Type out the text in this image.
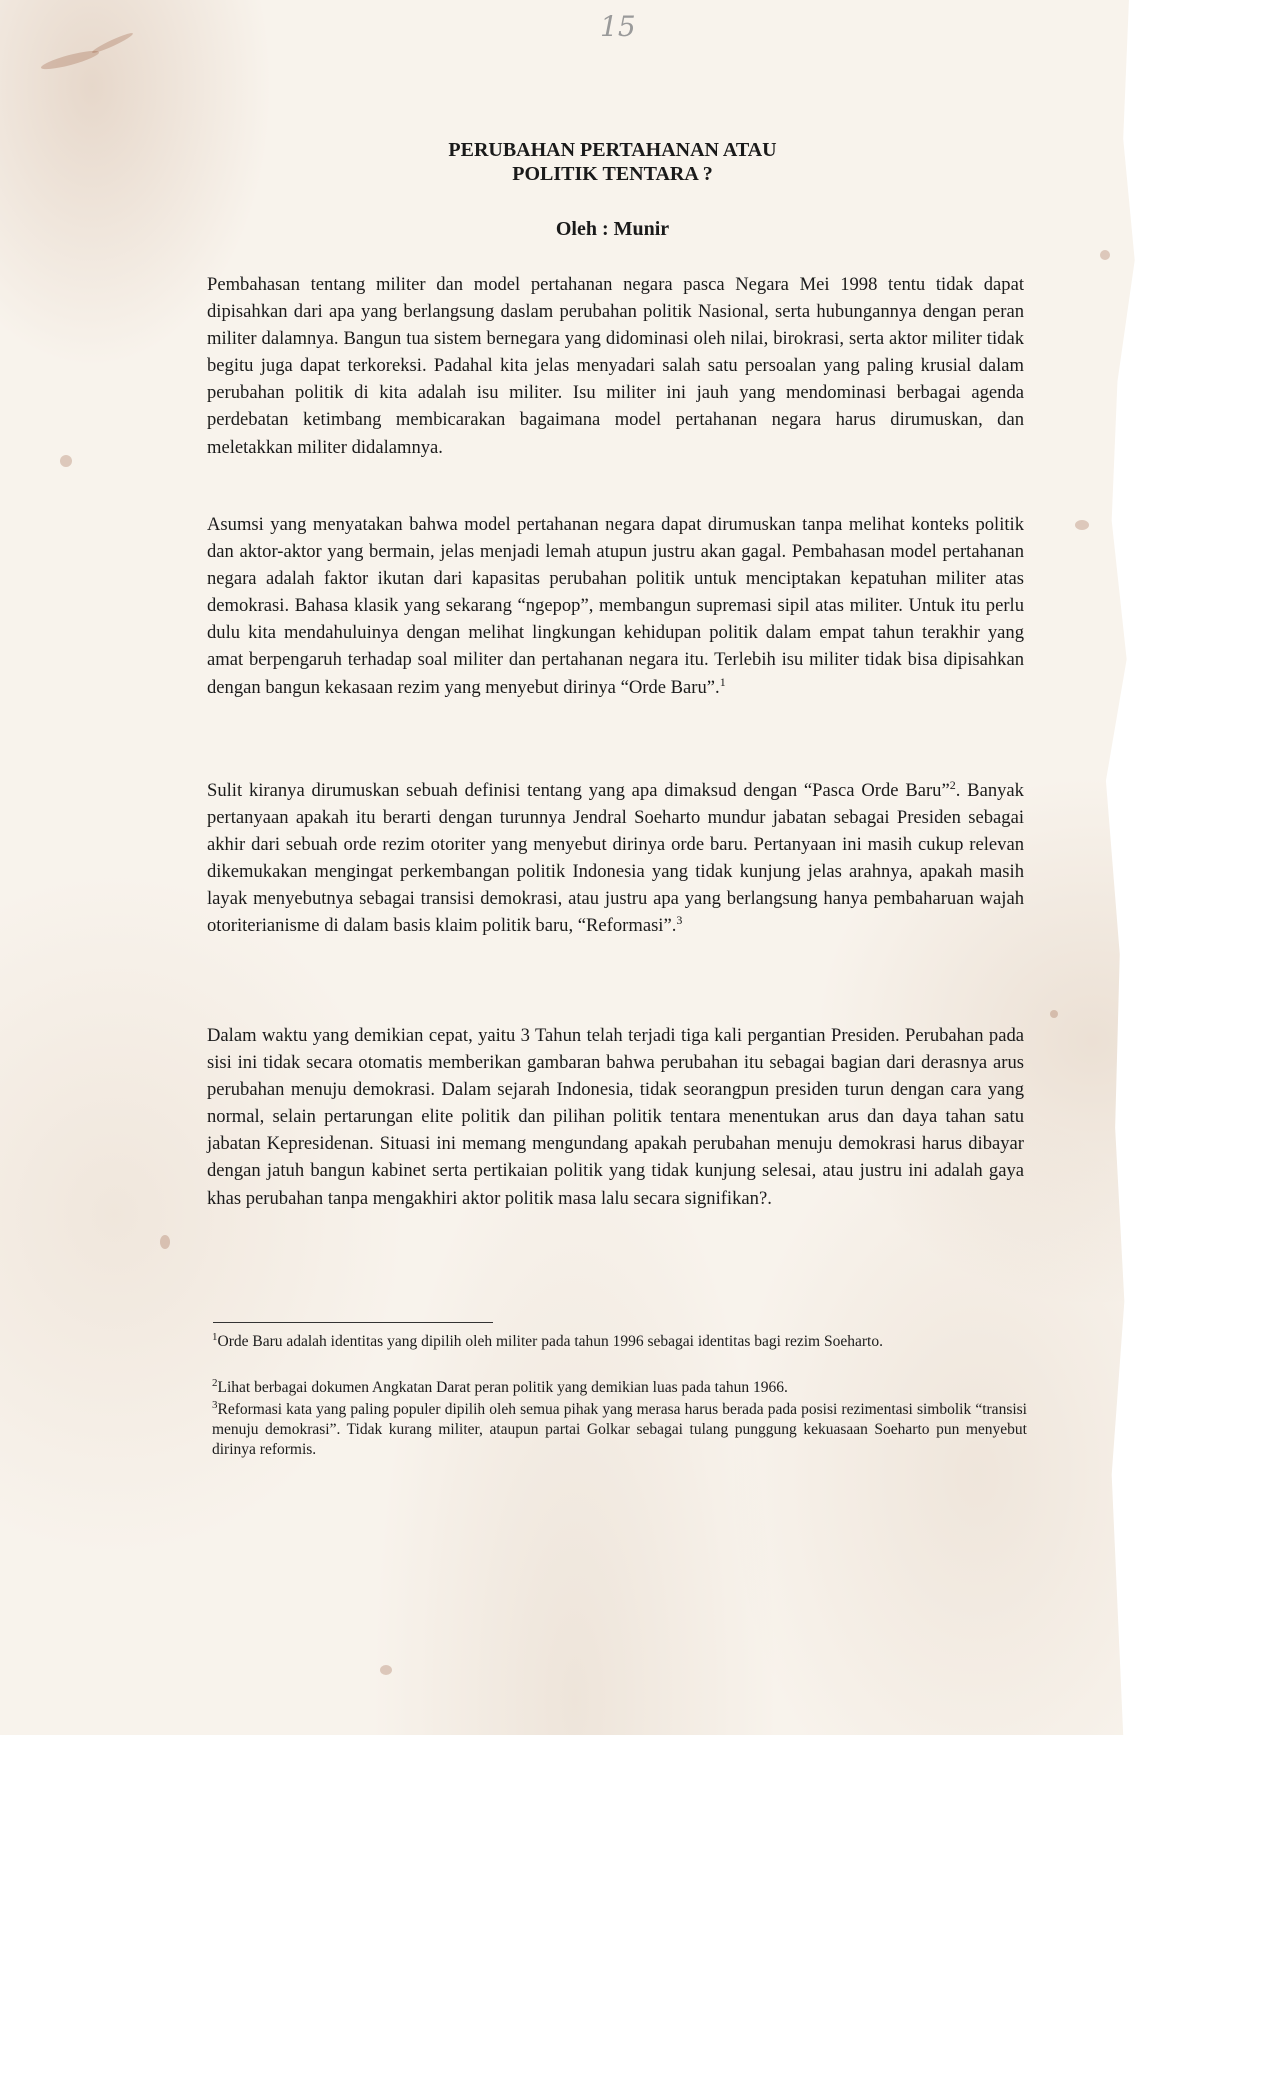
15
PERUBAHAN PERTAHANAN ATAU
POLITIK TENTARA ?
Oleh : Munir

Pembahasan tentang militer dan model pertahanan negara pasca Negara Mei 1998 tentu tidak dapat dipisahkan dari apa yang berlangsung daslam perubahan politik Nasional, serta hubungannya dengan peran militer dalamnya. Bangun tua sistem bernegara yang didominasi oleh nilai, birokrasi, serta aktor militer tidak begitu juga dapat terkoreksi. Padahal kita jelas menyadari salah satu persoalan yang paling krusial dalam perubahan politik di kita adalah isu militer. Isu militer ini jauh yang mendominasi berbagai agenda perdebatan ketimbang membicarakan bagaimana model pertahanan negara harus dirumuskan, dan meletakkan militer didalamnya.

Asumsi yang menyatakan bahwa model pertahanan negara dapat dirumuskan tanpa melihat konteks politik dan aktor-aktor yang bermain, jelas menjadi lemah atupun justru akan gagal. Pembahasan model pertahanan negara adalah faktor ikutan dari kapasitas perubahan politik untuk menciptakan kepatuhan militer atas demokrasi. Bahasa klasik yang sekarang “ngepop”, membangun supremasi sipil atas militer. Untuk itu perlu dulu kita mendahuluinya dengan melihat lingkungan kehidupan politik dalam empat tahun terakhir yang amat berpengaruh terhadap soal militer dan pertahanan negara itu. Terlebih isu militer tidak bisa dipisahkan dengan bangun kekasaan rezim yang menyebut dirinya “Orde Baru”.$^1$

Sulit kiranya dirumuskan sebuah definisi tentang yang apa dimaksud dengan “Pasca Orde Baru”$^2$. Banyak pertanyaan apakah itu berarti dengan turunnya Jendral Soeharto mundur jabatan sebagai Presiden sebagai akhir dari sebuah orde rezim otoriter yang menyebut dirinya orde baru. Pertanyaan ini masih cukup relevan dikemukakan mengingat perkembangan politik Indonesia yang tidak kunjung jelas arahnya, apakah masih layak menyebutnya sebagai transisi demokrasi, atau justru apa yang berlangsung hanya pembaharuan wajah otoriterianisme di dalam basis klaim politik baru, “Reformasi”.$^3$

Dalam waktu yang demikian cepat, yaitu 3 Tahun telah terjadi tiga kali pergantian Presiden. Perubahan pada sisi ini tidak secara otomatis memberikan gambaran bahwa perubahan itu sebagai bagian dari derasnya arus perubahan menuju demokrasi. Dalam sejarah Indonesia, tidak seorangpun presiden turun dengan cara yang normal, selain pertarungan elite politik dan pilihan politik tentara menentukan arus dan daya tahan satu jabatan Kepresidenan. Situasi ini memang mengundang apakah perubahan menuju demokrasi harus dibayar dengan jatuh bangun kabinet serta pertikaian politik yang tidak kunjung selesai, atau justru ini adalah gaya khas perubahan tanpa mengakhiri aktor politik masa lalu secara signifikan?.

$^1$Orde Baru adalah identitas yang dipilih oleh militer pada tahun 1996 sebagai identitas bagi rezim Soeharto.

$^2$Lihat berbagai dokumen Angkatan Darat peran politik yang demikian luas pada tahun 1966.

$^3$Reformasi kata yang paling populer dipilih oleh semua pihak yang merasa harus berada pada posisi rezimentasi simbolik “transisi menuju demokrasi”. Tidak kurang militer, ataupun partai Golkar sebagai tulang punggung kekuasaan Soeharto pun menyebut dirinya reformis.
